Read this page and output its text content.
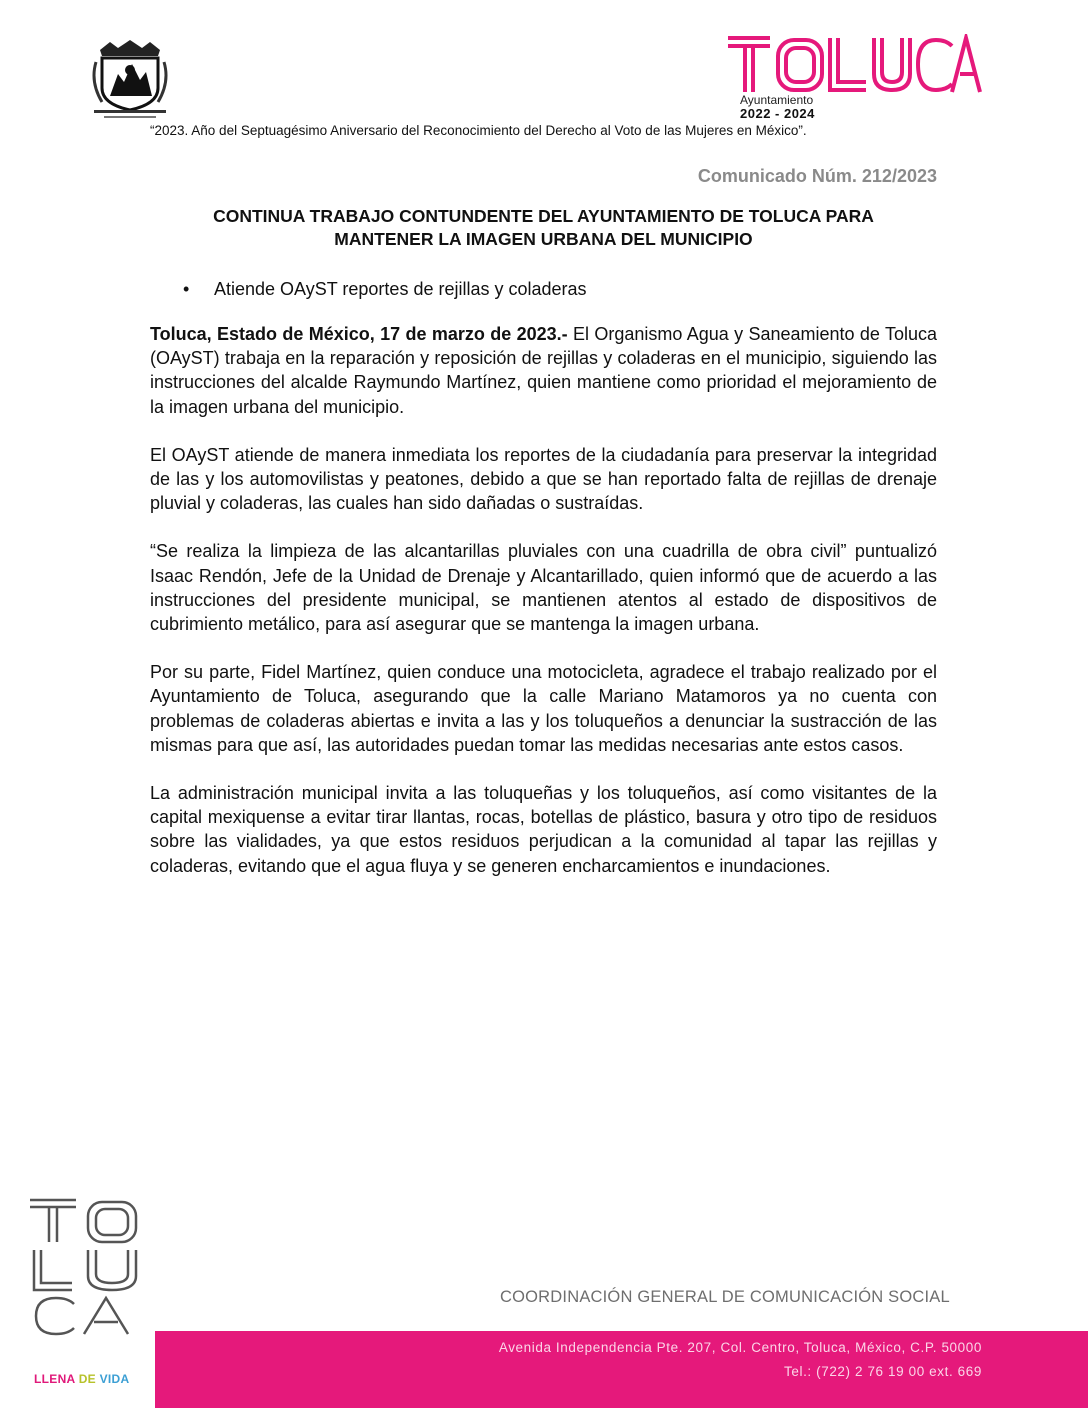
Ayuntamiento
2022 - 2024
“2023. Año del Septuagésimo Aniversario del Reconocimiento del Derecho al Voto de las Mujeres en México”.
Comunicado Núm. 212/2023
CONTINUA TRABAJO CONTUNDENTE DEL AYUNTAMIENTO DE TOLUCA PARA
MANTENER LA IMAGEN URBANA DEL MUNICIPIO
• Atiende OAyST reportes de rejillas y coladeras

Toluca, Estado de México, 17 de marzo de 2023.- El Organismo Agua y Saneamiento de Toluca (OAyST) trabaja en la reparación y reposición de rejillas y coladeras en el municipio, siguiendo las instrucciones del alcalde Raymundo Martínez, quien mantiene como prioridad el mejoramiento de la imagen urbana del municipio.

El OAyST atiende de manera inmediata los reportes de la ciudadanía para preservar la integridad de las y los automovilistas y peatones, debido a que se han reportado falta de rejillas de drenaje pluvial y coladeras, las cuales han sido dañadas o sustraídas.

“Se realiza la limpieza de las alcantarillas pluviales con una cuadrilla de obra civil” puntualizó Isaac Rendón, Jefe de la Unidad de Drenaje y Alcantarillado, quien informó que de acuerdo a las instrucciones del presidente municipal, se mantienen atentos al estado de dispositivos de cubrimiento metálico, para así asegurar que se mantenga la imagen urbana.

Por su parte, Fidel Martínez, quien conduce una motocicleta, agradece el trabajo realizado por el Ayuntamiento de Toluca, asegurando que la calle Mariano Matamoros ya no cuenta con problemas de coladeras abiertas e invita a las y los toluqueños a denunciar la sustracción de las mismas para que así, las autoridades puedan tomar las medidas necesarias ante estos casos.

La administración municipal invita a las toluqueñas y los toluqueños, así como visitantes de la capital mexiquense a evitar tirar llantas, rocas, botellas de plástico, basura y otro tipo de residuos sobre las vialidades, ya que estos residuos perjudican a la comunidad al tapar las rejillas y coladeras, evitando que el agua fluya y se generen encharcamientos e inundaciones.

LLENA DE VIDA
COORDINACIÓN GENERAL DE COMUNICACIÓN SOCIAL
Avenida Independencia Pte. 207, Col. Centro, Toluca, México, C.P. 50000
Tel.: (722) 2 76 19 00 ext. 669
